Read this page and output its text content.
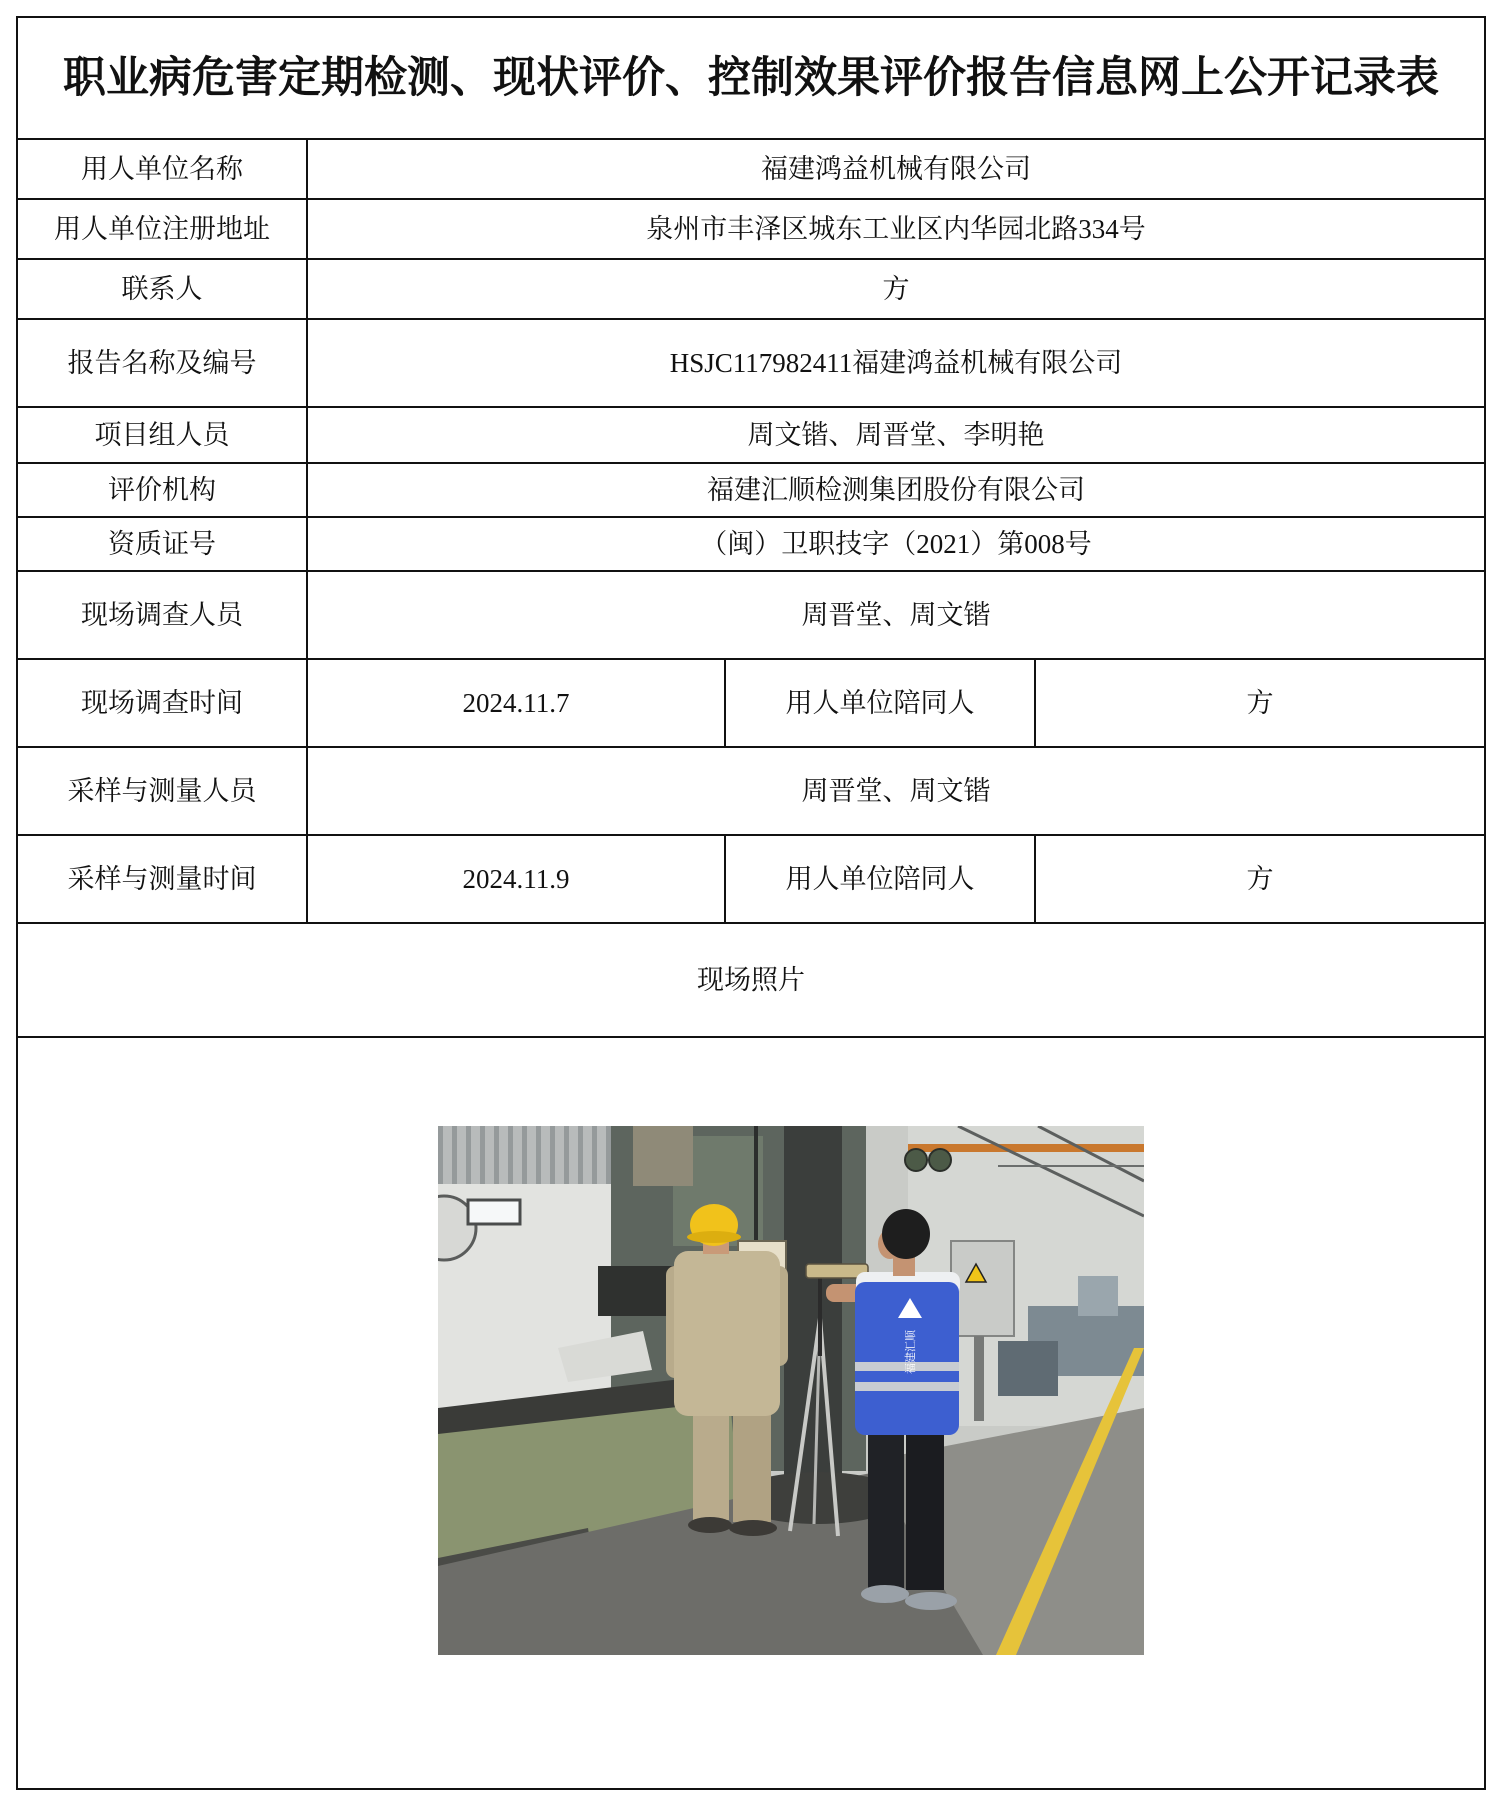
职业病危害定期检测、现状评价、控制效果评价报告信息网上公开记录表
用人单位名称	福建鸿益机械有限公司
用人单位注册地址	泉州市丰泽区城东工业区内华园北路334号
联系人	方
报告名称及编号	HSJC117982411福建鸿益机械有限公司
项目组人员	周文锴、周晋堂、李明艳
评价机构	福建汇顺检测集团股份有限公司
资质证号	（闽）卫职技字（2021）第008号
现场调查人员	周晋堂、周文锴
现场调查时间	2024.11.7	用人单位陪同人	方
采样与测量人员	周晋堂、周文锴
采样与测量时间	2024.11.9	用人单位陪同人	方
现场照片
福建汇顺
